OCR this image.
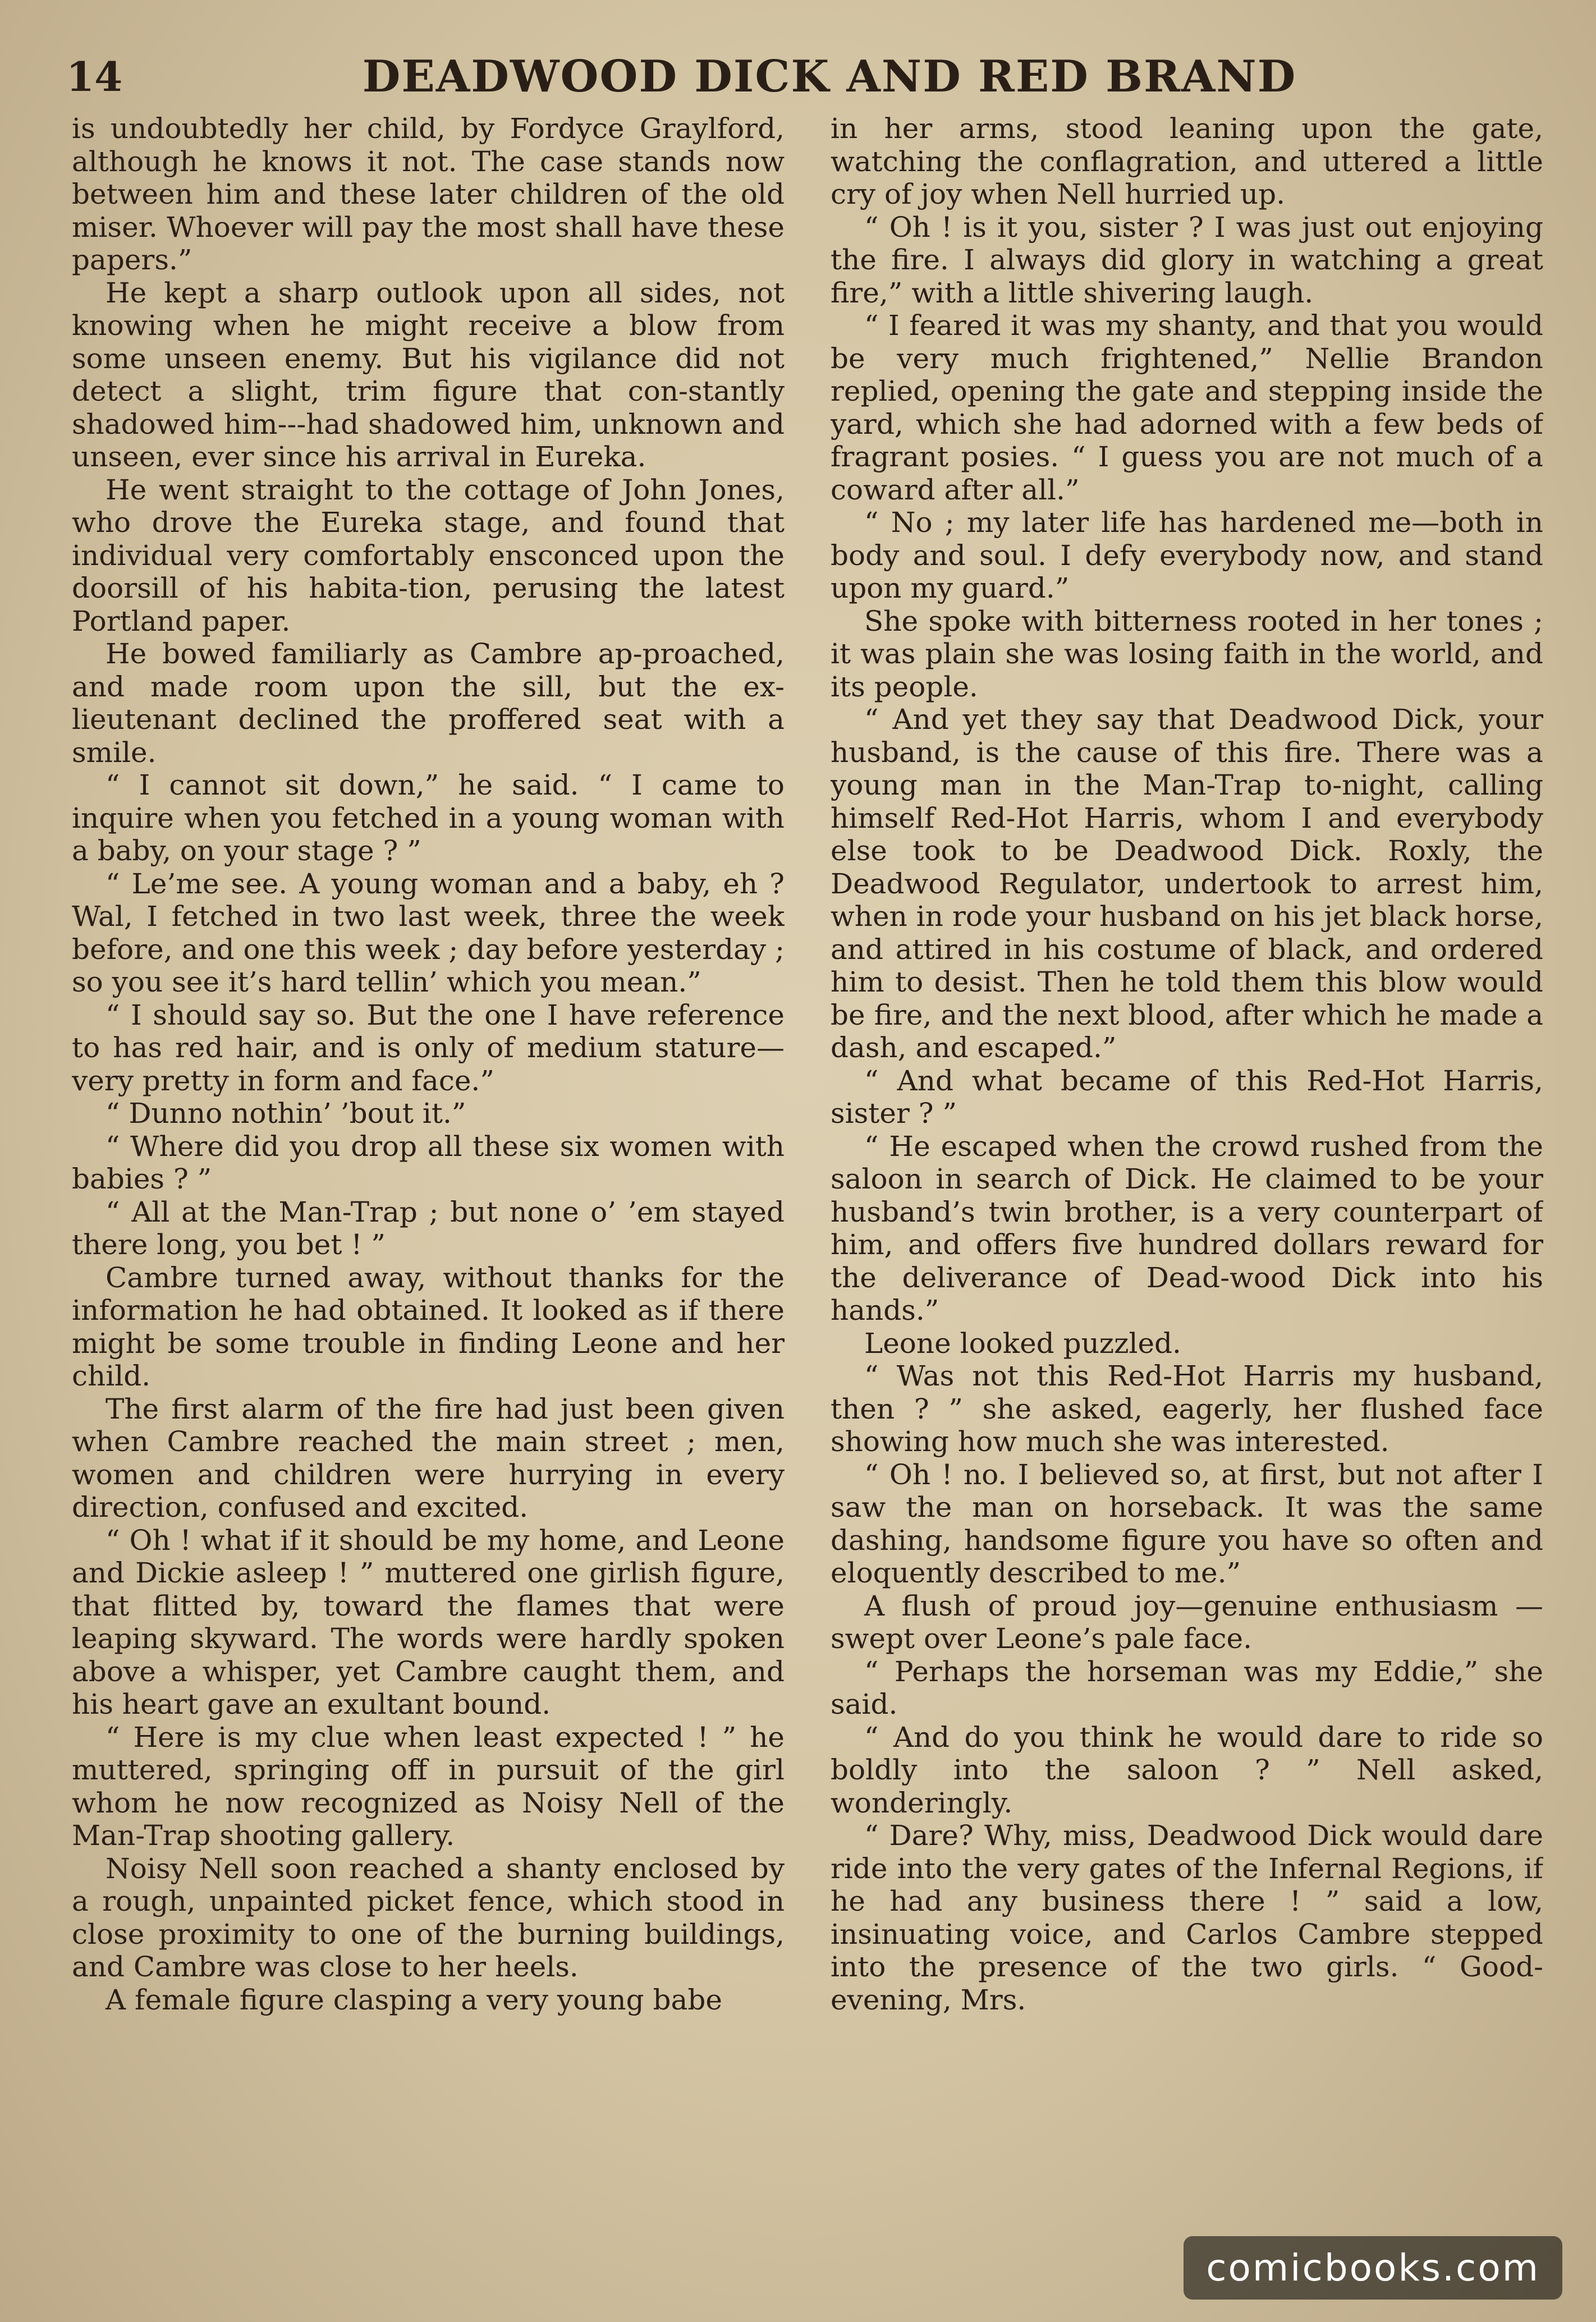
14	DEADWOOD DICK AND RED BRAND

is undoubtedly her child, by Fordyce Graylford, although he knows it not. The case stands now between him and these later children of the old miser. Whoever will pay the most shall have these papers.”

He kept a sharp outlook upon all sides, not knowing when he might receive a blow from some unseen enemy. But his vigilance did not detect a slight, trim figure that con-stantly shadowed him---had shadowed him, unknown and unseen, ever since his arrival in Eureka.

He went straight to the cottage of John Jones, who drove the Eureka stage, and found that individual very comfortably ensconced upon the doorsill of his habita-tion, perusing the latest Portland paper.

He bowed familiarly as Cambre ap-proached, and made room upon the sill, but the ex-lieutenant declined the proffered seat with a smile.

“ I cannot sit down,” he said. “ I came to inquire when you fetched in a young woman with a baby, on your stage ? ”

“ Le’me see. A young woman and a baby, eh ? Wal, I fetched in two last week, three the week before, and one this week ; day before yesterday ; so you see it’s hard tellin’ which you mean.”

“ I should say so. But the one I have reference to has red hair, and is only of medium stature—very pretty in form and face.”

“ Dunno nothin’ ’bout it.”

“ Where did you drop all these six women with babies ? ”

“ All at the Man-Trap ; but none o’ ’em stayed there long, you bet ! ”

Cambre turned away, without thanks for the information he had obtained. It looked as if there might be some trouble in finding Leone and her child.

The first alarm of the fire had just been given when Cambre reached the main street ; men, women and children were hurrying in every direction, confused and excited.

“ Oh ! what if it should be my home, and Leone and Dickie asleep ! ” muttered one girlish figure, that flitted by, toward the flames that were leaping skyward. The words were hardly spoken above a whisper, yet Cambre caught them, and his heart gave an exultant bound.

“ Here is my clue when least expected ! ” he muttered, springing off in pursuit of the girl whom he now recognized as Noisy Nell of the Man-Trap shooting gallery.

Noisy Nell soon reached a shanty enclosed by a rough, unpainted picket fence, which stood in close proximity to one of the burning buildings, and Cambre was close to her heels.

A female figure clasping a very young babe

in her arms, stood leaning upon the gate, watching the conflagration, and uttered a little cry of joy when Nell hurried up.

“ Oh ! is it you, sister ? I was just out enjoying the fire. I always did glory in watching a great fire,” with a little shivering laugh.

“ I feared it was my shanty, and that you would be very much frightened,” Nellie Brandon replied, opening the gate and stepping inside the yard, which she had adorned with a few beds of fragrant posies. “ I guess you are not much of a coward after all.”

“ No ; my later life has hardened me—both in body and soul. I defy everybody now, and stand upon my guard.”

She spoke with bitterness rooted in her tones ; it was plain she was losing faith in the world, and its people.

“ And yet they say that Deadwood Dick, your husband, is the cause of this fire. There was a young man in the Man-Trap to-night, calling himself Red-Hot Harris, whom I and everybody else took to be Deadwood Dick. Roxly, the Deadwood Regulator, undertook to arrest him, when in rode your husband on his jet black horse, and attired in his costume of black, and ordered him to desist. Then he told them this blow would be fire, and the next blood, after which he made a dash, and escaped.”

“ And what became of this Red-Hot Harris, sister ? ”

“ He escaped when the crowd rushed from the saloon in search of Dick. He claimed to be your husband’s twin brother, is a very counterpart of him, and offers five hundred dollars reward for the deliverance of Dead-wood Dick into his hands.”

Leone looked puzzled.

“ Was not this Red-Hot Harris my husband, then ? ” she asked, eagerly, her flushed face showing how much she was interested.

“ Oh ! no. I believed so, at first, but not after I saw the man on horseback. It was the same dashing, handsome figure you have so often and eloquently described to me.”

A flush of proud joy—genuine enthusiasm —swept over Leone’s pale face.

“ Perhaps the horseman was my Eddie,” she said.

“ And do you think he would dare to ride so boldly into the saloon ? ” Nell asked, wonderingly.

“ Dare? Why, miss, Deadwood Dick would dare ride into the very gates of the Infernal Regions, if he had any business there ! ” said a low, insinuating voice, and Carlos Cambre stepped into the presence of the two girls. “ Good-evening, Mrs.

comicbooks.com
